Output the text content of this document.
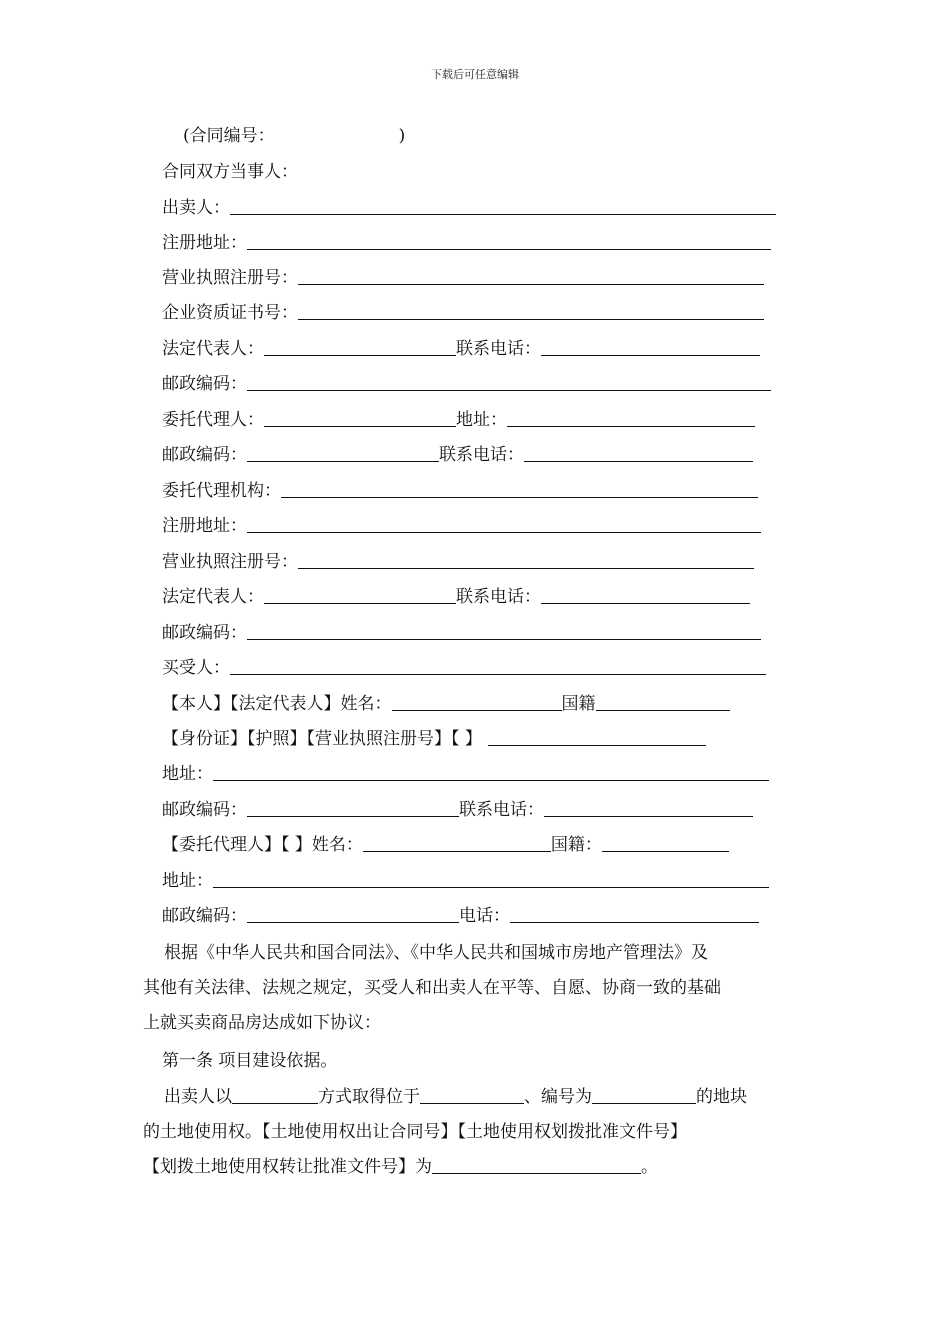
下载后可任意编辑
(合同编号：	)
合同双方当事人：
出卖人：
注册地址：
营业执照注册号：
企业资质证书号：
法定代表人：	联系电话：
邮政编码：
委托代理人：	地址：
邮政编码：	联系电话：
委托代理机构：
注册地址：
营业执照注册号：
法定代表人：	联系电话：
邮政编码：
买受人：
【本人】【法定代表人】姓名：	国籍
【身份证】【护照】【营业执照注册号】【 】
地址：
邮政编码：	联系电话：
【委托代理人】【 】姓名：	国籍：
地址：
邮政编码：	电话：
根据《中华人民共和国合同法》、《中华人民共和国城市房地产管理法》及
其他有关法律、法规之规定，买受人和出卖人在平等、自愿、协商一致的基础
上就买卖商品房达成如下协议：
第一条 项目建设依据。
出卖人以	方式取得位于	、编号为	的地块
的土地使用权。【土地使用权出让合同号】【土地使用权划拨批准文件号】
【划拨土地使用权转让批准文件号】为	。
